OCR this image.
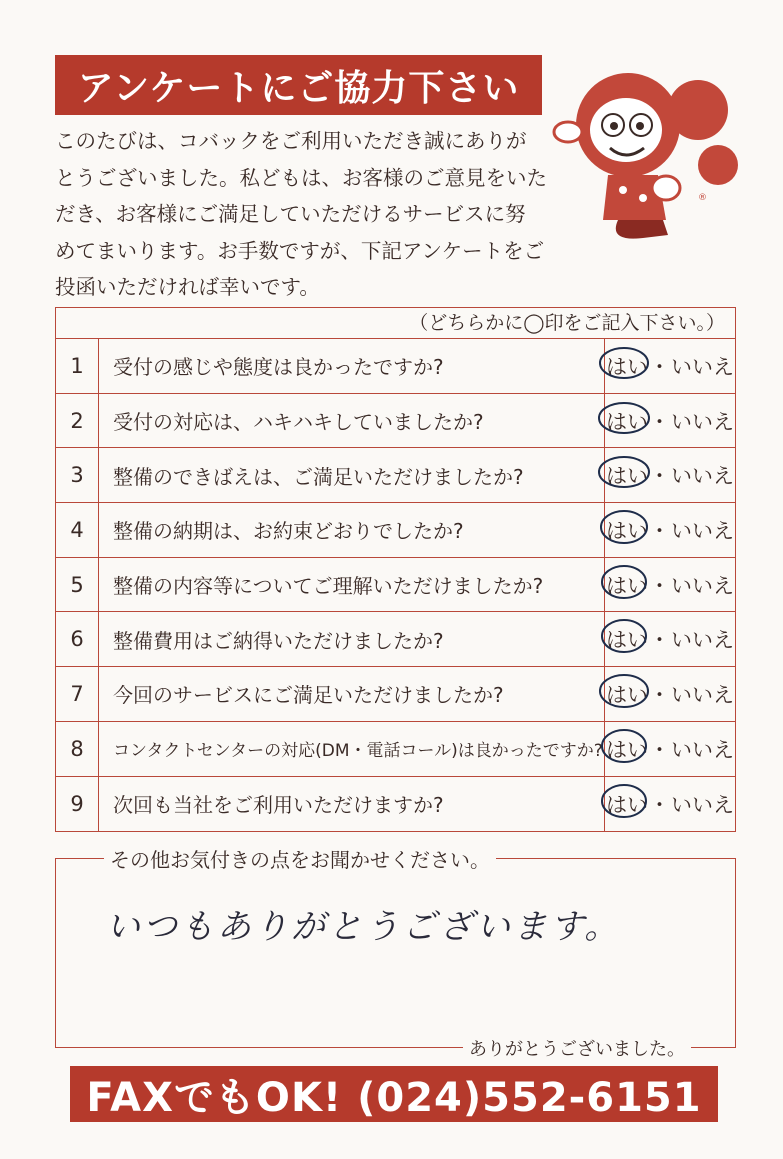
アンケートにご協力下さい
このたびは、コバックをご利用いただき誠にありが
とうございました。私どもは、お客様のご意見をいた
だき、お客様にご満足していただけるサービスに努
めてまいります。お手数ですが、下記アンケートをご
投函いただければ幸いです。
®
（どちらかに◯印をご記入下さい。）
1	受付の感じや態度は良かったですか?	はい ・ いいえ
2	受付の対応は、ハキハキしていましたか?	はい ・ いいえ
3	整備のできばえは、ご満足いただけましたか?	はい ・ いいえ
4	整備の納期は、お約束どおりでしたか?	はい ・ いいえ
5	整備の内容等についてご理解いただけましたか?	はい ・ いいえ
6	整備費用はご納得いただけましたか?	はい ・ いいえ
7	今回のサービスにご満足いただけましたか?	はい ・ いいえ
8	コンタクトセンターの対応(DM・電話コール)は良かったですか? はい ・ いいえ
9	次回も当社をご利用いただけますか?	はい ・ いいえ
その他お気付きの点をお聞かせください。
いつもありがとうございます。
ありがとうございました。
FAXでもOK! (024)552-6151
